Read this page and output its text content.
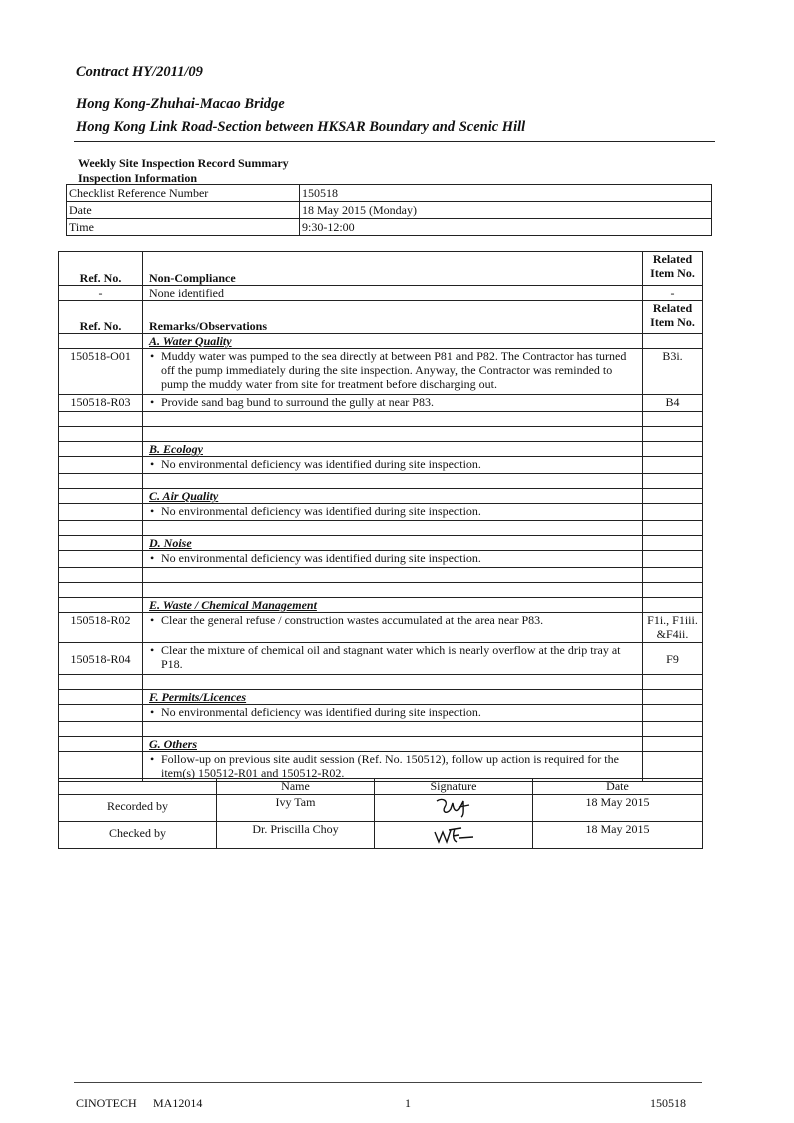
Contract HY/2011/09
Hong Kong-Zhuhai-Macao Bridge
Hong Kong Link Road-Section between HKSAR Boundary and Scenic Hill
Weekly Site Inspection Record Summary
Inspection Information
Checklist Reference Number	150518
Date	18 May 2015 (Monday)
Time	9:30-12:00
Ref. No.	Non-Compliance	Related Item No.
-	None identified	-
Ref. No.	Remarks/Observations	Related Item No.
	A. Water Quality	
150518-O01	• Muddy water was pumped to the sea directly at between P81 and P82. The Contractor has turned off the pump immediately during the site inspection. Anyway, the Contractor was reminded to pump the muddy water from site for treatment before discharging out.	B3i.
150518-R03	• Provide sand bag bund to surround the gully at near P83.	B4

	B. Ecology	
	• No environmental deficiency was identified during site inspection.	

	C. Air Quality	
	• No environmental deficiency was identified during site inspection.	

	D. Noise	
	• No environmental deficiency was identified during site inspection.	

	E. Waste / Chemical Management	
150518-R02	• Clear the general refuse / construction wastes accumulated at the area near P83.	F1i., F1iii. &F4ii.
150518-R04	• Clear the mixture of chemical oil and stagnant water which is nearly overflow at the drip tray at P18.	F9

	F. Permits/Licences	
	• No environmental deficiency was identified during site inspection.	

	G. Others	
	• Follow-up on previous site audit session (Ref. No. 150512), follow up action is required for the item(s) 150512-R01 and 150512-R02.	
	Name	Signature	Date
Recorded by	Ivy Tam		18 May 2015
Checked by	Dr. Priscilla Choy		18 May 2015
CINOTECH MA12014	1	150518
